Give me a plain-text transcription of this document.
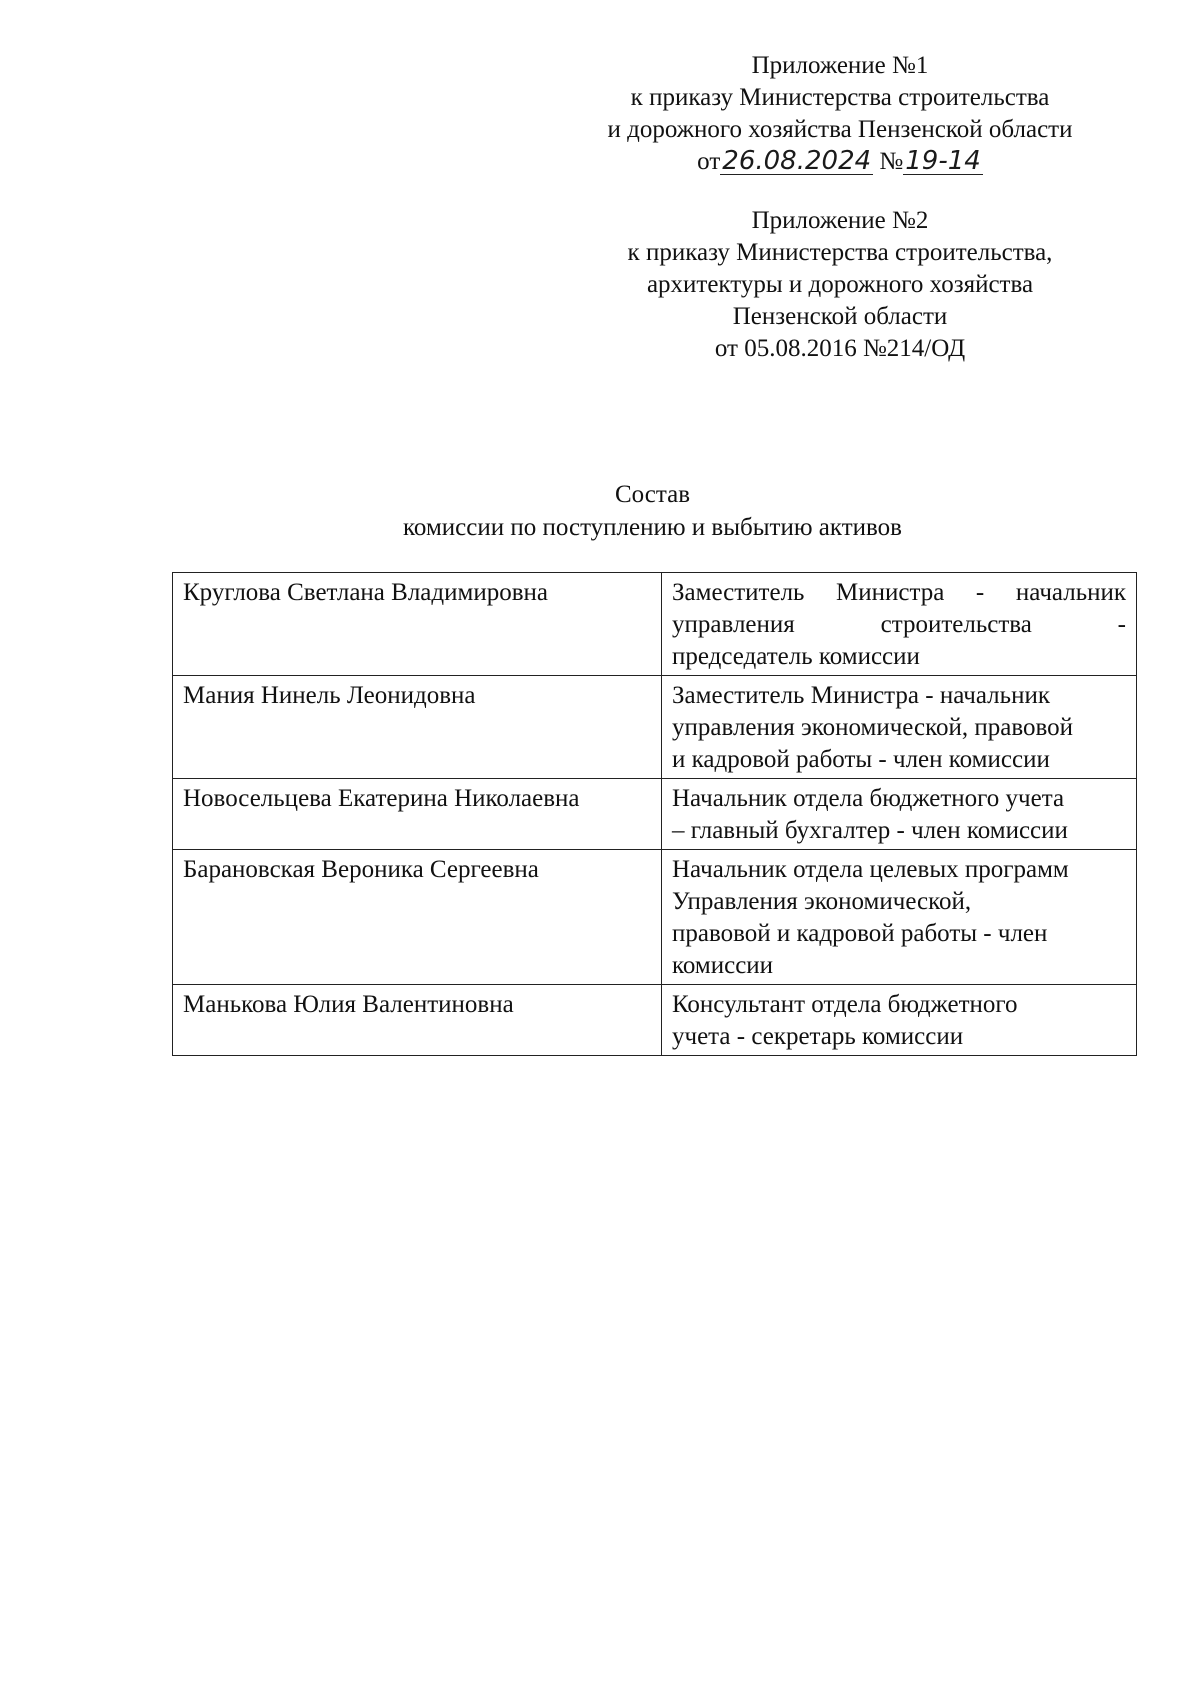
Приложение №1
к приказу Министерства строительства
и дорожного хозяйства Пензенской области
от26.08.2024 №19-14
Приложение №2
к приказу Министерства строительства,
архитектуры и дорожного хозяйства
Пензенской области
от 05.08.2016 №214/ОД
Состав
комиссии по поступлению и выбытию активов
Круглова Светлана Владимировна	Заместитель Министра - начальник
управления строительства -
председатель комиссии

Мания Нинель Леонидовна	Заместитель Министра - начальник
управления экономической, правовой
и кадровой работы - член комиссии

Новосельцева Екатерина Николаевна	Начальник отдела бюджетного учета
– главный бухгалтер - член комиссии

Барановская Вероника Сергеевна	Начальник отдела целевых программ
Управления экономической,
правовой и кадровой работы - член
комиссии

Манькова Юлия Валентиновна	Консультант отдела бюджетного
учета - секретарь комиссии
